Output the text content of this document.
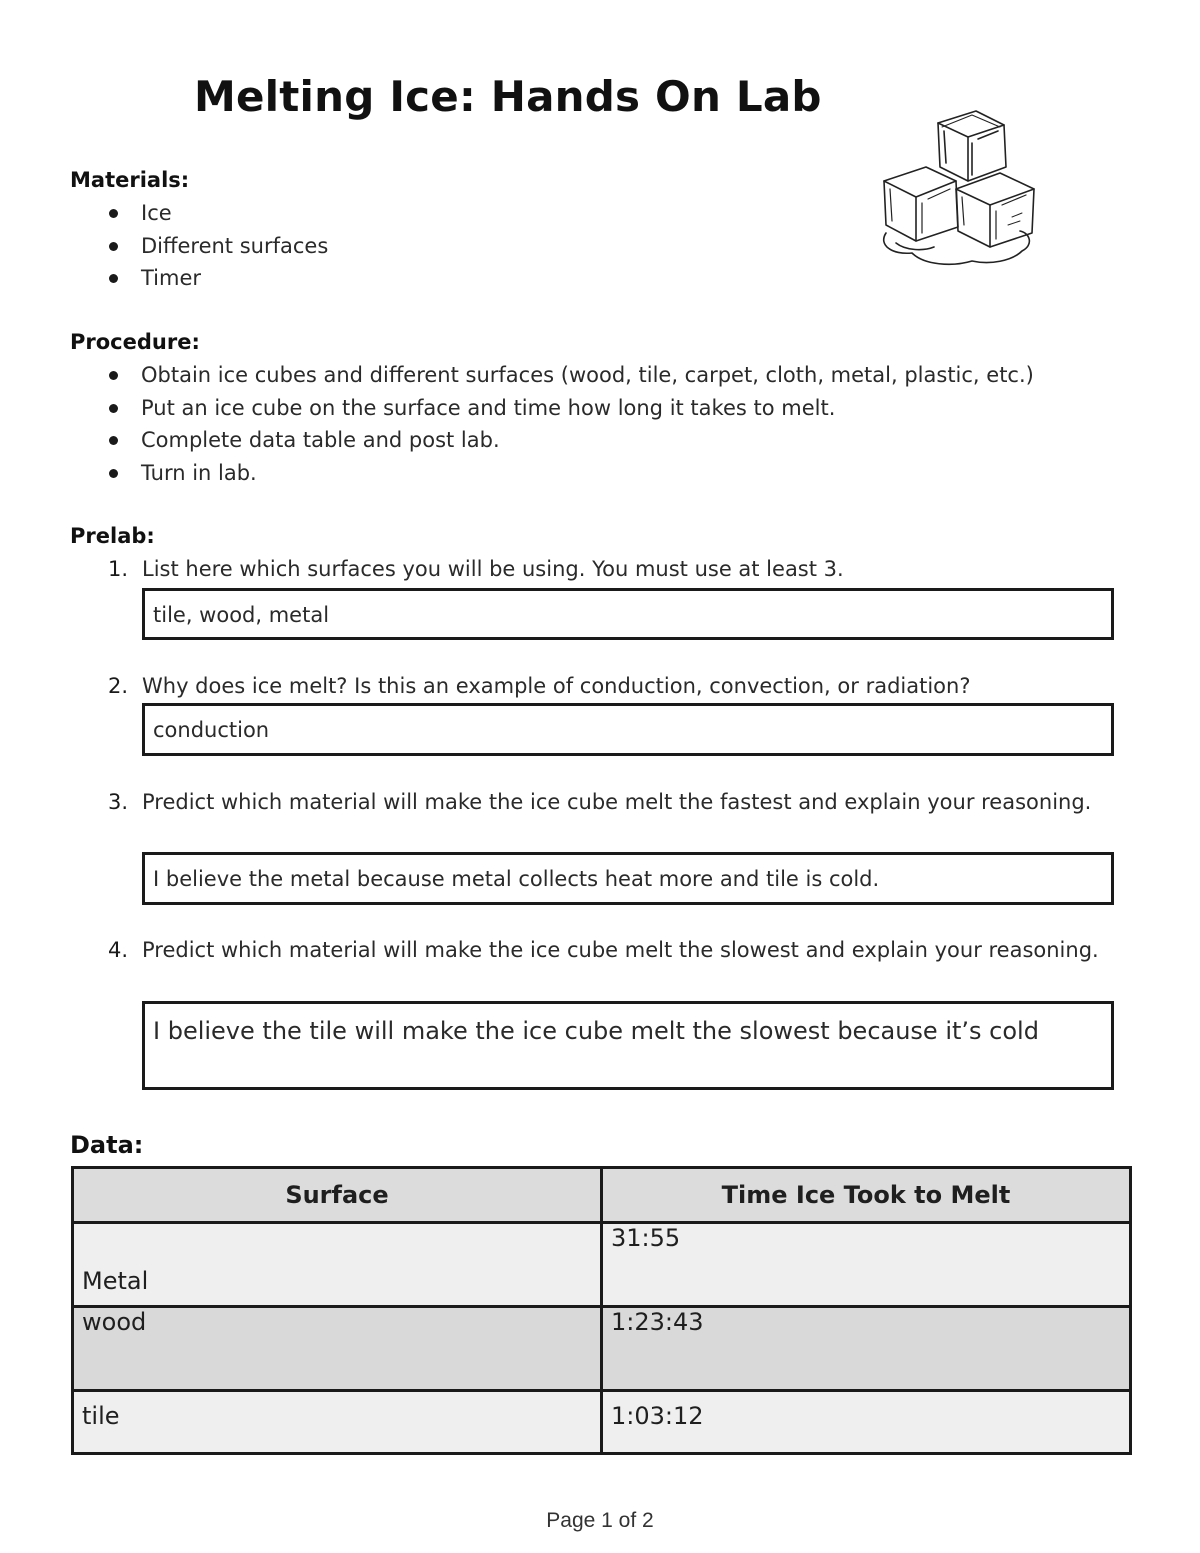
Melting Ice: Hands On Lab
Materials:
Ice
Different surfaces
Timer
Procedure:
Obtain ice cubes and different surfaces (wood, tile, carpet, cloth, metal, plastic, etc.)
Put an ice cube on the surface and time how long it takes to melt.
Complete data table and post lab.
Turn in lab.
Prelab:
1. List here which surfaces you will be using. You must use at least 3.
tile, wood, metal
2. Why does ice melt? Is this an example of conduction, convection, or radiation?
conduction
3. Predict which material will make the ice cube melt the fastest and explain your reasoning.
I believe the metal because metal collects heat more and tile is cold.
4. Predict which material will make the ice cube melt the slowest and explain your reasoning.
I believe the tile will make the ice cube melt the slowest because it’s cold
Data:
Surface	Time Ice Took to Melt

Metal	31:55
wood	1:23:43
tile	1:03:12
Page 1 of 2
